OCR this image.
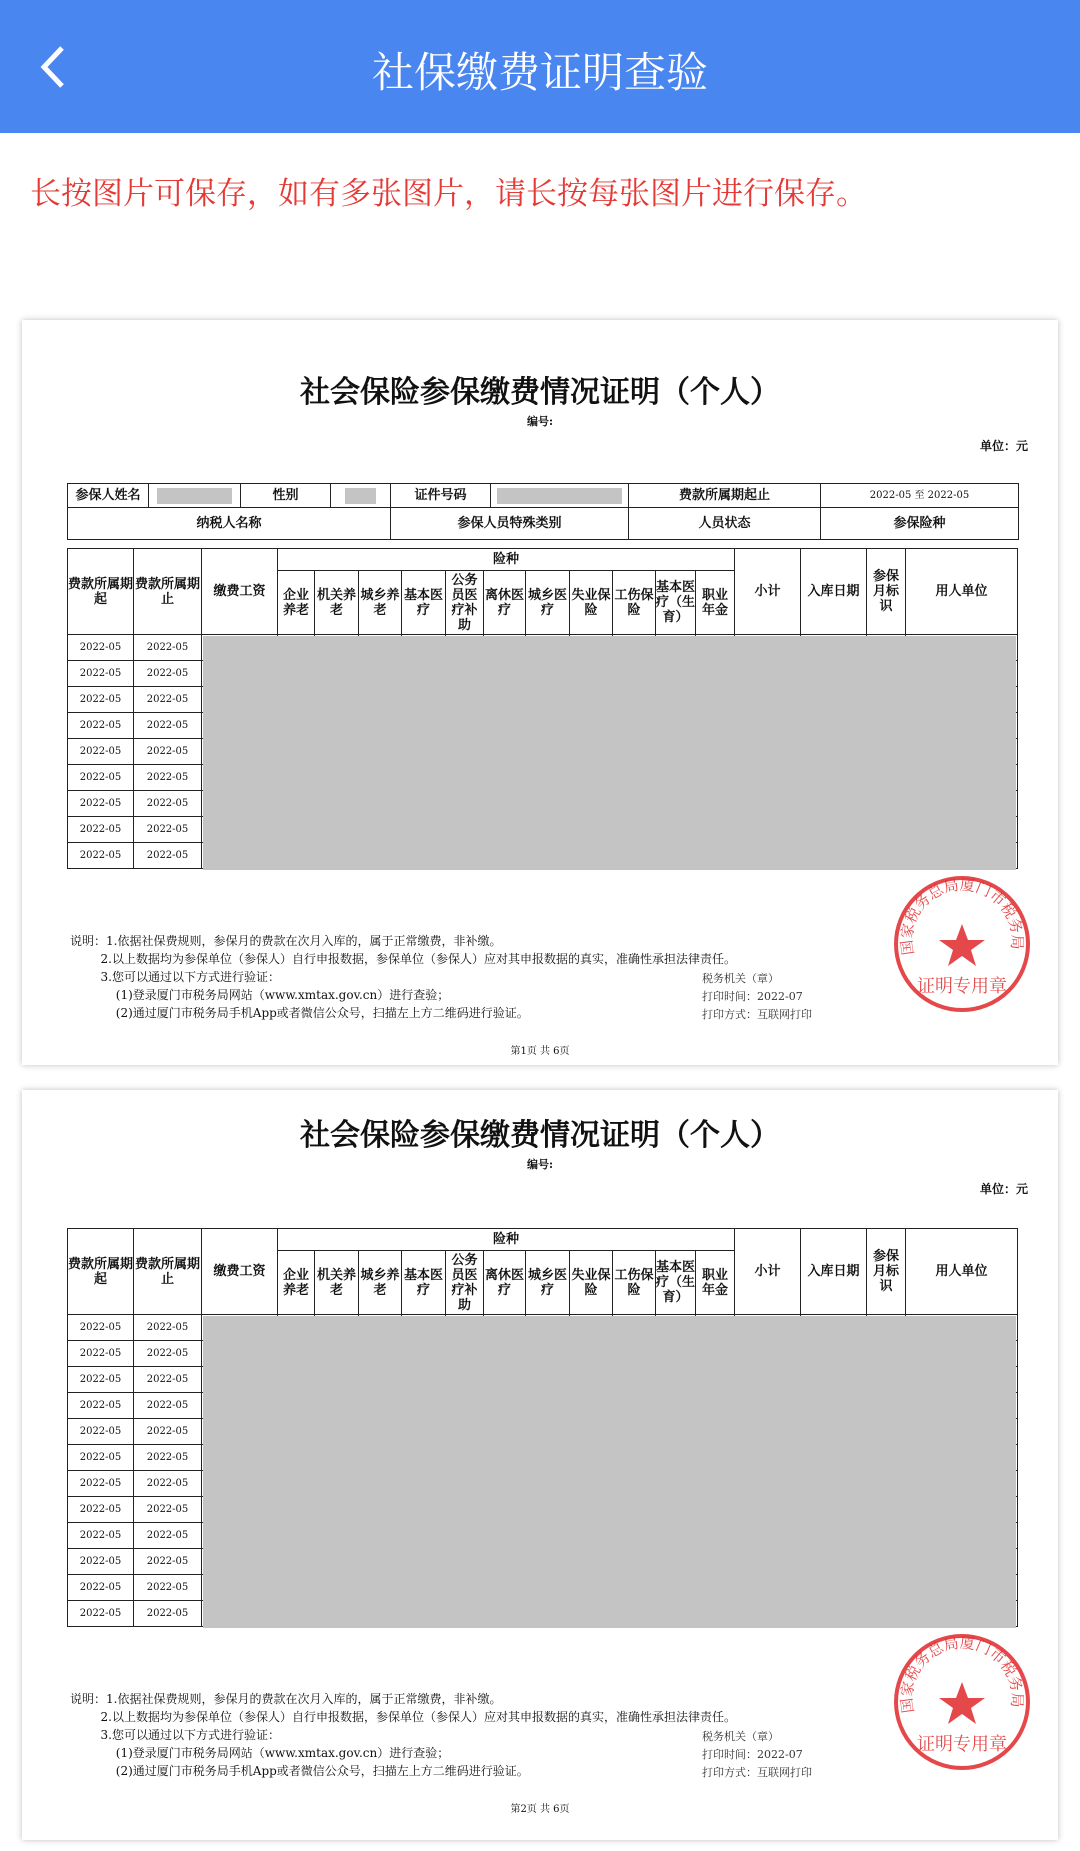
社保缴费证明查验
长按图片可保存，如有多张图片，请长按每张图片进行保存。
社会保险参保缴费情况证明（个人）
编号:
单位：元
参保人姓名		性别		证件号码		费款所属期起止	2022-05 至 2022-05
纳税人名称				参保人员特殊类别		人员状态	参保险种
费款所属期起	费款所属期止	缴费工资	险种											小计	入库日期	参保月标识	用人单位
			企业养老	机关养老	城乡养老	基本医疗	公务员医疗补助	离休医疗	城乡医疗	失业保险	工伤保险	基本医疗（生育）	职业年金				
2022-05	2022-05																
2022-05	2022-05																
2022-05	2022-05																
2022-05	2022-05																
2022-05	2022-05																
2022-05	2022-05																
2022-05	2022-05																
2022-05	2022-05																
2022-05	2022-05																
说明：1.依据社保费规则，参保月的费款在次月入库的，属于正常缴费，非补缴。
2.以上数据均为参保单位（参保人）自行申报数据，参保单位（参保人）应对其申报数据的真实，准确性承担法律责任。
3.您可以通过以下方式进行验证：
(1)登录厦门市税务局网站（www.xmtax.gov.cn）进行查验；
(2)通过厦门市税务局手机App或者微信公众号，扫描左上方二维码进行验证。
第1页 共 6页
国家税务总局厦门市税务局
证明专用章
税务机关（章）
打印时间：2022-07
打印方式：互联网打印
社会保险参保缴费情况证明（个人）
编号:
单位：元
费款所属期起	费款所属期止	缴费工资	险种											小计	入库日期	参保月标识	用人单位
			企业养老	机关养老	城乡养老	基本医疗	公务员医疗补助	离休医疗	城乡医疗	失业保险	工伤保险	基本医疗（生育）	职业年金				
2022-05	2022-05																
2022-05	2022-05																
2022-05	2022-05																
2022-05	2022-05																
2022-05	2022-05																
2022-05	2022-05																
2022-05	2022-05																
2022-05	2022-05																
2022-05	2022-05																
2022-05	2022-05																
2022-05	2022-05																
2022-05	2022-05																
说明：1.依据社保费规则，参保月的费款在次月入库的，属于正常缴费，非补缴。
2.以上数据均为参保单位（参保人）自行申报数据，参保单位（参保人）应对其申报数据的真实，准确性承担法律责任。
3.您可以通过以下方式进行验证：
(1)登录厦门市税务局网站（www.xmtax.gov.cn）进行查验；
(2)通过厦门市税务局手机App或者微信公众号，扫描左上方二维码进行验证。
第2页 共 6页
国家税务总局厦门市税务局
证明专用章
税务机关（章）
打印时间：2022-07
打印方式：互联网打印
